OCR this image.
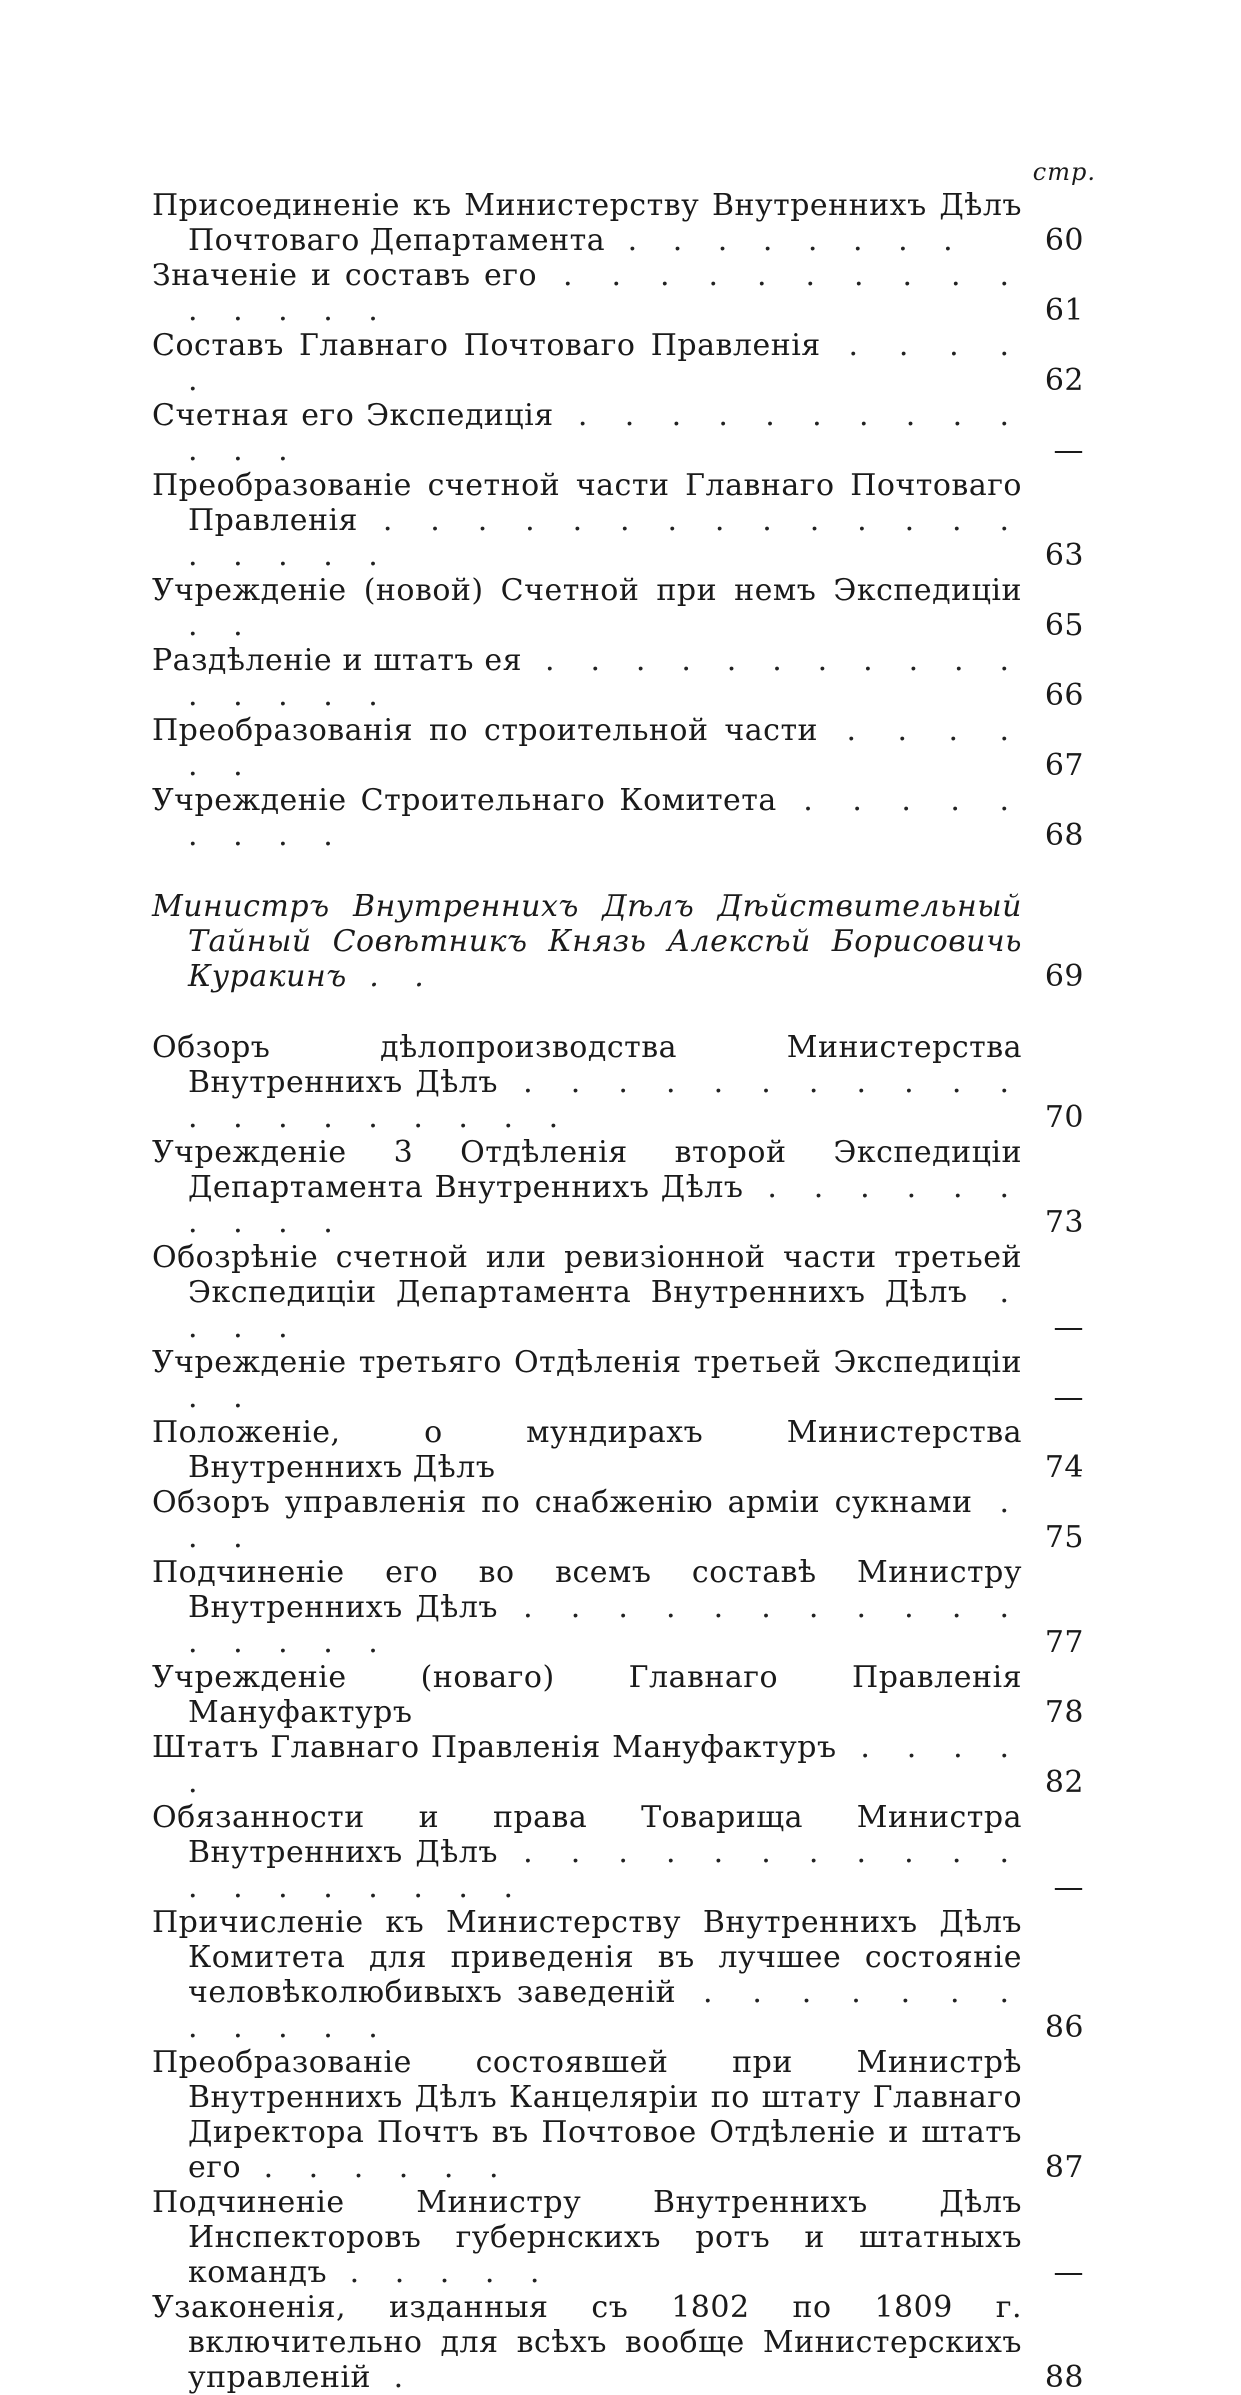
стр.
Присоединеніе къ Министерству Внутреннихъ Дѣлъ Почтоваго Департамента . . . . . . . .	60
Значеніе и составъ его . . . . . . . . . . . . . . .	61
Составъ Главнаго Почтоваго Правленія . . . . .	62
Счетная его Экспедиція . . . . . . . . . . . . .	—
Преобразованіе счетной части Главнаго Почтоваго Правленія . . . . . . . . . . . . . . . . . . .	63
Учрежденіе (новой) Счетной при немъ Экспедиціи . .	65
Раздѣленіе и штатъ ея . . . . . . . . . . . . . . . .	66
Преобразованія по строительной части . . . . . .	67
Учрежденіе Строительнаго Комитета . . . . . . . . .	68
Министръ Внутреннихъ Дѣлъ Дѣйствительный Тайный Совѣтникъ Князь Алексѣй Борисовичь Куракинъ . .	69
Обзоръ дѣлопроизводства Министерства Внутреннихъ Дѣлъ . . . . . . . . . . . . . . . . . . . .	70
Учрежденіе 3 Отдѣленія второй Экспедиціи Департамента Внутреннихъ Дѣлъ . . . . . . . . . .	73
Обозрѣніе счетной или ревизіонной части третьей Экспедиціи Департамента Внутреннихъ Дѣлъ . . . .	—
Учрежденіе третьяго Отдѣленія третьей Экспедиціи . .	—
Положеніе, о мундирахъ Министерства Внутреннихъ Дѣлъ	74
Обзоръ управленія по снабженію арміи сукнами . . .	75
Подчиненіе его во всемъ составѣ Министру Внутреннихъ Дѣлъ . . . . . . . . . . . . . . . .	77
Учрежденіе (новаго) Главнаго Правленія Мануфактуръ	78
Штатъ Главнаго Правленія Мануфактуръ . . . . .	82
Обязанности и права Товарища Министра Внутреннихъ Дѣлъ . . . . . . . . . . . . . . . . . . .	—
Причисленіе къ Министерству Внутреннихъ Дѣлъ Комитета для приведенія въ лучшее состояніе человѣколюбивыхъ заведеній . . . . . . . . . . . .	86
Преобразованіе состоявшей при Министрѣ Внутреннихъ Дѣлъ Канцеляріи по штату Главнаго Директора Почтъ въ Почтовое Отдѣленіе и штатъ его . . . . . .	87
Подчиненіе Министру Внутреннихъ Дѣлъ Инспекторовъ губернскихъ ротъ и штатныхъ командъ . . . . .	—
Узаконенія, изданныя съ 1802 по 1809 г. включительно для всѣхъ вообще Министерскихъ управленій .	88
